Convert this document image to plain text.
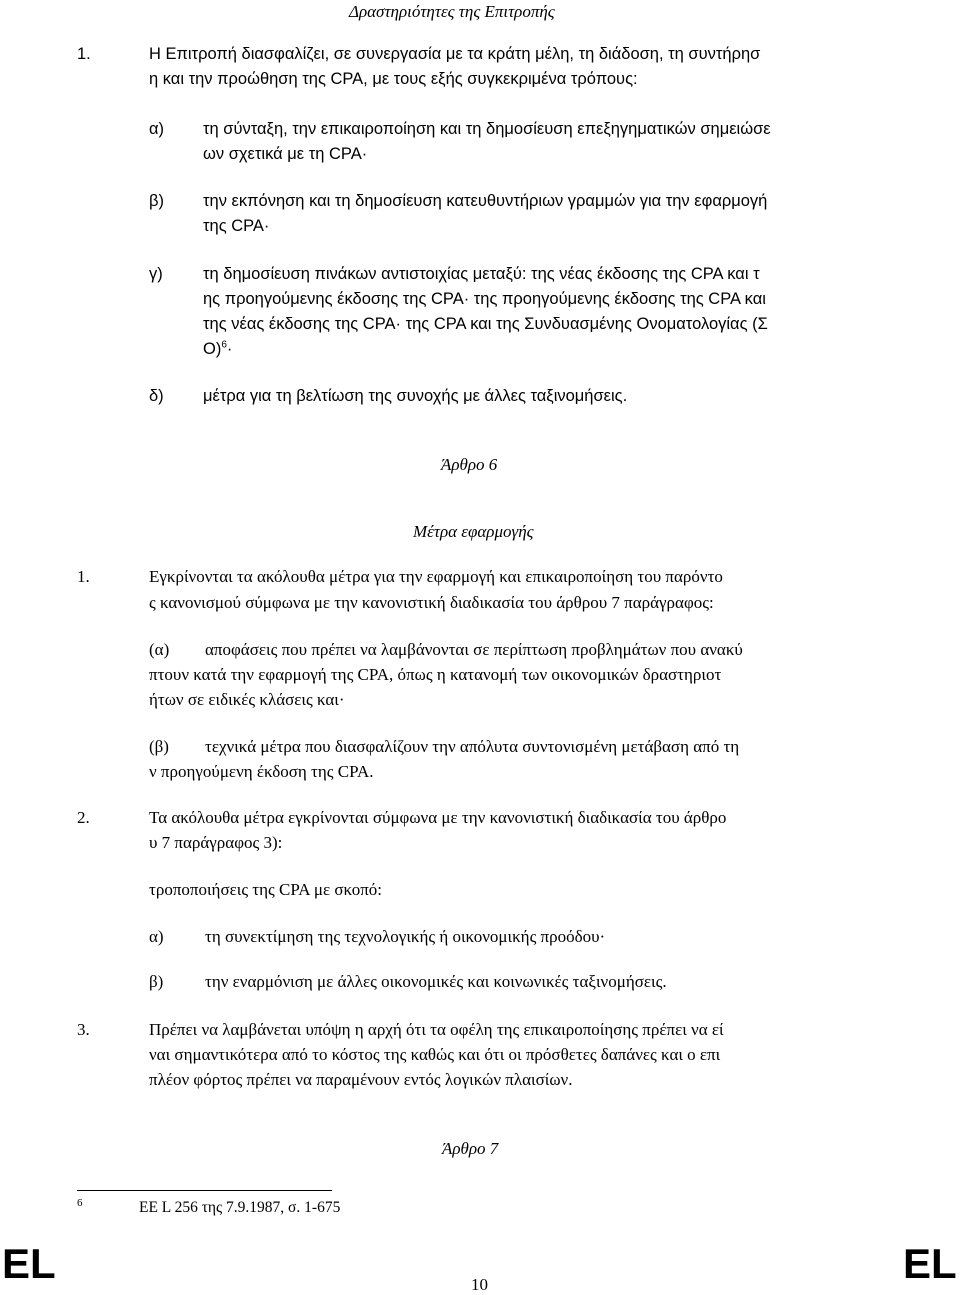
Δραστηριότητες της Επιτροπής
1.	Η Επιτροπή διασφαλίζει, σε συνεργασία με τα κράτη μέλη, τη διάδοση, τη συντήρησ
η και την προώθηση της CPA, με τους εξής συγκεκριμένα τρόπους:
α) τη σύνταξη, την επικαιροποίηση και τη δημοσίευση επεξηγηματικών σημειώσε
ων σχετικά με τη CPA·
β) την εκπόνηση και τη δημοσίευση κατευθυντήριων γραμμών για την εφαρμογή
της CPA·
γ) τη δημοσίευση πινάκων αντιστοιχίας μεταξύ: της νέας έκδοσης της CPA και τ
ης προηγούμενης έκδοσης της CPA· της προηγούμενης έκδοσης της CPA και
της νέας έκδοσης της CPA· της CPA και της Συνδυασμένης Ονοματολογίας (Σ
Ο)$^6$·
δ) μέτρα για τη βελτίωση της συνοχής με άλλες ταξινομήσεις.
Άρθρο 6
Μέτρα εφαρμογής
1.	Εγκρίνονται τα ακόλουθα μέτρα για την εφαρμογή και επικαιροποίηση του παρόντο
ς κανονισμού σύμφωνα με την κανονιστική διαδικασία του άρθρου 7 παράγραφος:
(α) αποφάσεις που πρέπει να λαμβάνονται σε περίπτωση προβλημάτων που ανακύ
πτουν κατά την εφαρμογή της CPA, όπως η κατανομή των οικονομικών δραστηριοτ
ήτων σε ειδικές κλάσεις και·
(β) τεχνικά μέτρα που διασφαλίζουν την απόλυτα συντονισμένη μετάβαση από τη
ν προηγούμενη έκδοση της CPA.
2.	Τα ακόλουθα μέτρα εγκρίνονται σύμφωνα με την κανονιστική διαδικασία του άρθρο
υ 7 παράγραφος 3):
τροποποιήσεις της CPA με σκοπό:
α) τη συνεκτίμηση της τεχνολογικής ή οικονομικής προόδου·
β) την εναρμόνιση με άλλες οικονομικές και κοινωνικές ταξινομήσεις.
3.	Πρέπει να λαμβάνεται υπόψη η αρχή ότι τα οφέλη της επικαιροποίησης πρέπει να εί
ναι σημαντικότερα από το κόστος της καθώς και ότι οι πρόσθετες δαπάνες και ο επι
πλέον φόρτος πρέπει να παραμένουν εντός λογικών πλαισίων.
Άρθρο 7
6	ΕΕ L 256 της 7.9.1987, σ. 1-675
EL	10	EL
